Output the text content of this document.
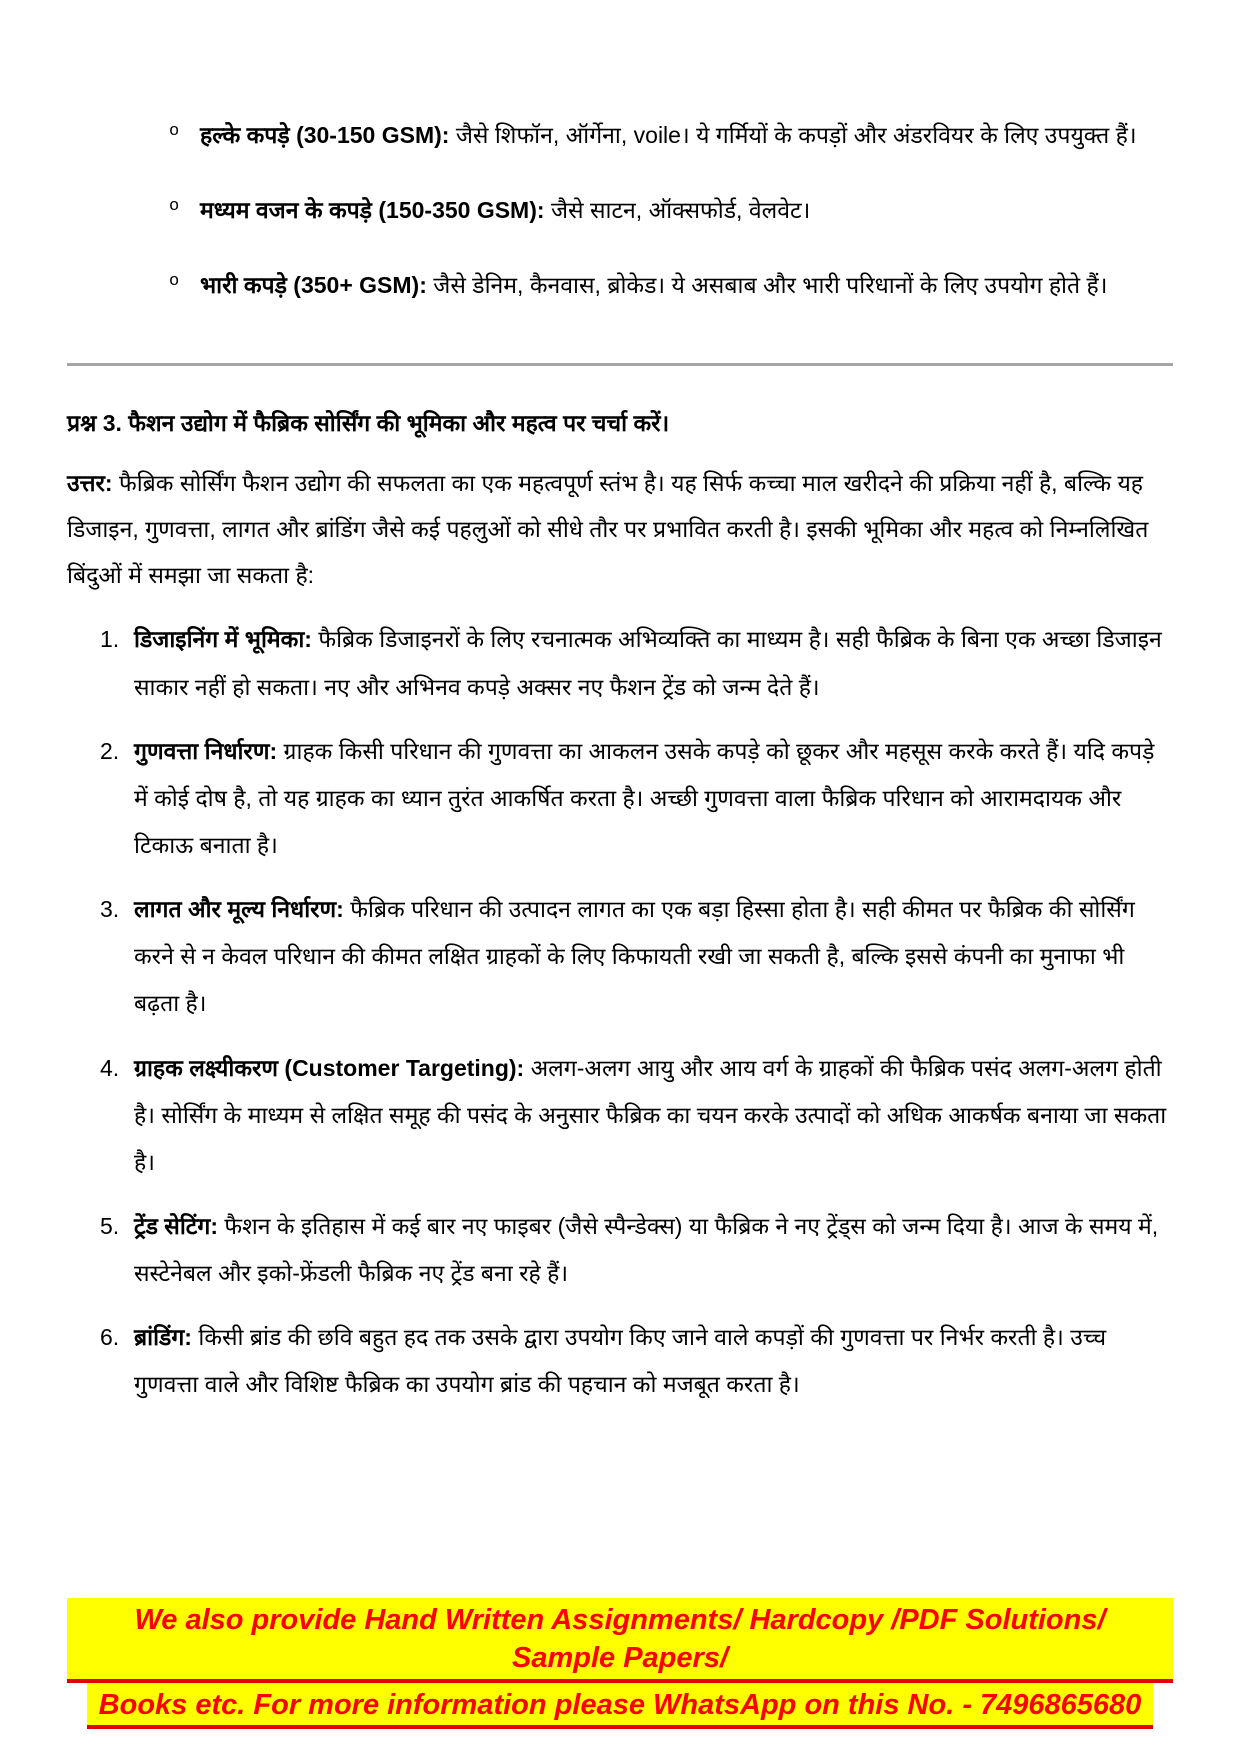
o हल्के कपड़े (30-150 GSM): जैसे शिफॉन, ऑर्गेना, voile। ये गर्मियों के कपड़ों और अंडरवियर के लिए उपयुक्त हैं।
o मध्यम वजन के कपड़े (150-350 GSM): जैसे साटन, ऑक्सफोर्ड, वेलवेट।
o भारी कपड़े (350+ GSM): जैसे डेनिम, कैनवास, ब्रोकेड। ये असबाब और भारी परिधानों के लिए उपयोग होते हैं।

प्रश्न 3. फैशन उद्योग में फैब्रिक सोर्सिंग की भूमिका और महत्व पर चर्चा करें।

उत्तर: फैब्रिक सोर्सिंग फैशन उद्योग की सफलता का एक महत्वपूर्ण स्तंभ है। यह सिर्फ कच्चा माल खरीदने की प्रक्रिया नहीं है, बल्कि यह डिजाइन, गुणवत्ता, लागत और ब्रांडिंग जैसे कई पहलुओं को सीधे तौर पर प्रभावित करती है। इसकी भूमिका और महत्व को निम्नलिखित बिंदुओं में समझा जा सकता है:

1. डिजाइनिंग में भूमिका: फैब्रिक डिजाइनरों के लिए रचनात्मक अभिव्यक्ति का माध्यम है। सही फैब्रिक के बिना एक अच्छा डिजाइन साकार नहीं हो सकता। नए और अभिनव कपड़े अक्सर नए फैशन ट्रेंड को जन्म देते हैं।
2. गुणवत्ता निर्धारण: ग्राहक किसी परिधान की गुणवत्ता का आकलन उसके कपड़े को छूकर और महसूस करके करते हैं। यदि कपड़े में कोई दोष है, तो यह ग्राहक का ध्यान तुरंत आकर्षित करता है। अच्छी गुणवत्ता वाला फैब्रिक परिधान को आरामदायक और टिकाऊ बनाता है।
3. लागत और मूल्य निर्धारण: फैब्रिक परिधान की उत्पादन लागत का एक बड़ा हिस्सा होता है। सही कीमत पर फैब्रिक की सोर्सिंग करने से न केवल परिधान की कीमत लक्षित ग्राहकों के लिए किफायती रखी जा सकती है, बल्कि इससे कंपनी का मुनाफा भी बढ़ता है।
4. ग्राहक लक्ष्यीकरण (Customer Targeting): अलग-अलग आयु और आय वर्ग के ग्राहकों की फैब्रिक पसंद अलग-अलग होती है। सोर्सिंग के माध्यम से लक्षित समूह की पसंद के अनुसार फैब्रिक का चयन करके उत्पादों को अधिक आकर्षक बनाया जा सकता है।
5. ट्रेंड सेटिंग: फैशन के इतिहास में कई बार नए फाइबर (जैसे स्पैन्डेक्स) या फैब्रिक ने नए ट्रेंड्स को जन्म दिया है। आज के समय में, सस्टेनेबल और इको-फ्रेंडली फैब्रिक नए ट्रेंड बना रहे हैं।
6. ब्रांडिंग: किसी ब्रांड की छवि बहुत हद तक उसके द्वारा उपयोग किए जाने वाले कपड़ों की गुणवत्ता पर निर्भर करती है। उच्च गुणवत्ता वाले और विशिष्ट फैब्रिक का उपयोग ब्रांड की पहचान को मजबूत करता है।
We also provide Hand Written Assignments/ Hardcopy /PDF Solutions/ Sample Papers/
Books etc. For more information please WhatsApp on this No. - 7496865680
